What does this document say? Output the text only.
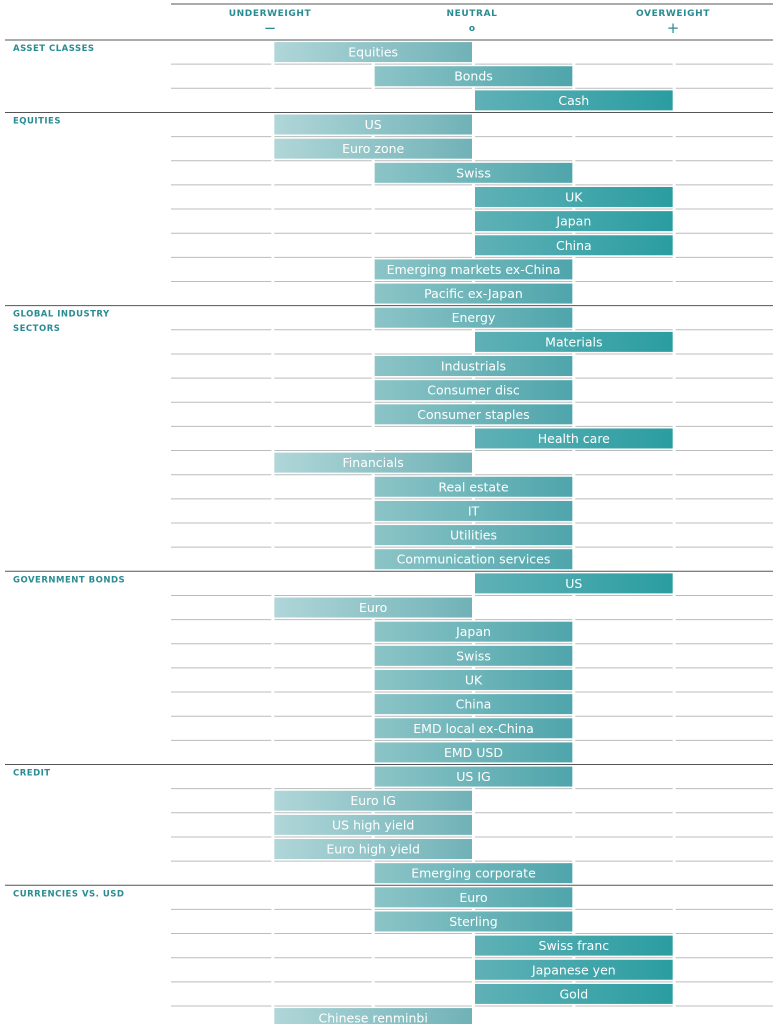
UNDERWEIGHT
−
NEUTRAL
o
OVERWEIGHT
+
ASSET CLASSES
EQUITIES
GLOBAL INDUSTRY
SECTORS
GOVERNMENT BONDS
CREDIT
CURRENCIES VS. USD
Equities
Bonds
Cash
US
Euro zone
Swiss
UK
Japan
China
Emerging markets ex-China
Pacific ex-Japan
Energy
Materials
Industrials
Consumer disc
Consumer staples
Health care
Financials
Real estate
IT
Utilities
Communication services
US
Euro
Japan
Swiss
UK
China
EMD local ex-China
EMD USD
US IG
Euro IG
US high yield
Euro high yield
Emerging corporate
Euro
Sterling
Swiss franc
Japanese yen
Gold
Chinese renminbi
